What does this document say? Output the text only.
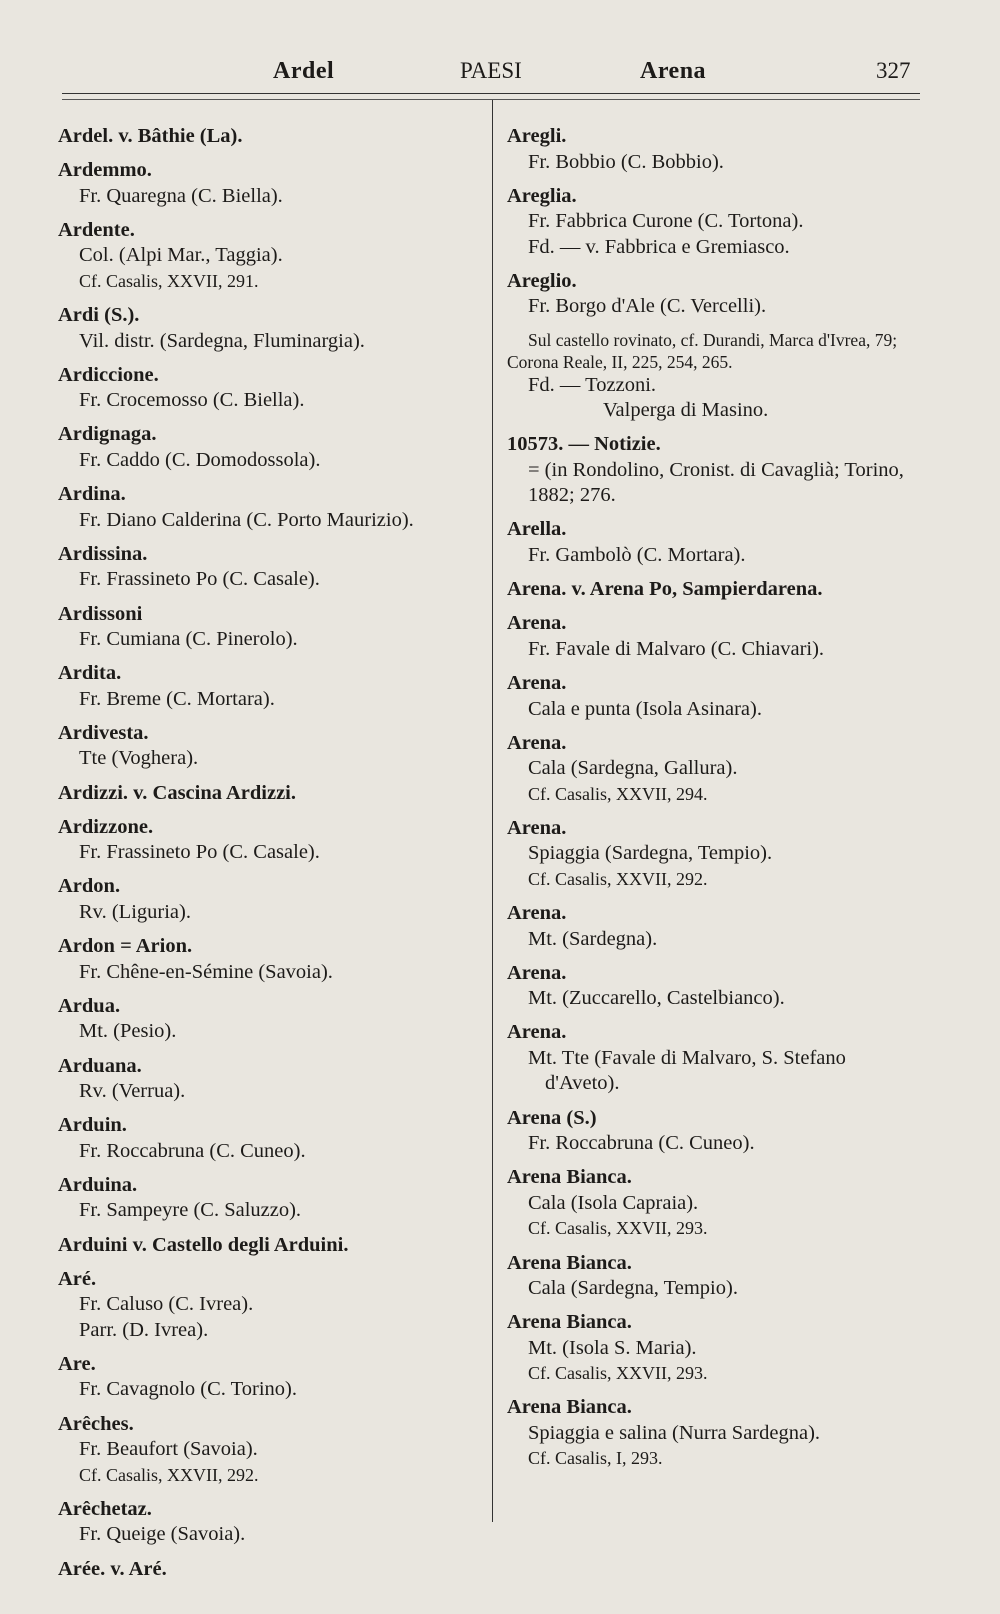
Ardel	PAESI	Arena	327
Ardel. v. Bâthie (La).
Ardemmo.
Fr. Quaregna (C. Biella).
Ardente.
Col. (Alpi Mar., Taggia).
Cf. Casalis, XXVII, 291.
Ardi (S.).
Vil. distr. (Sardegna, Fluminargia).
Ardiccione.
Fr. Crocemosso (C. Biella).
Ardignaga.
Fr. Caddo (C. Domodossola).
Ardina.
Fr. Diano Calderina (C. Porto Maurizio).
Ardissina.
Fr. Frassineto Po (C. Casale).
Ardissoni
Fr. Cumiana (C. Pinerolo).
Ardita.
Fr. Breme (C. Mortara).
Ardivesta.
Tte (Voghera).
Ardizzi. v. Cascina Ardizzi.
Ardizzone.
Fr. Frassineto Po (C. Casale).
Ardon.
Rv. (Liguria).
Ardon = Arion.
Fr. Chêne-en-Sémine (Savoia).
Ardua.
Mt. (Pesio).
Arduana.
Rv. (Verrua).
Arduin.
Fr. Roccabruna (C. Cuneo).
Arduina.
Fr. Sampeyre (C. Saluzzo).
Arduini v. Castello degli Arduini.
Aré.
Fr. Caluso (C. Ivrea).
Parr. (D. Ivrea).
Are.
Fr. Cavagnolo (C. Torino).
Arêches.
Fr. Beaufort (Savoia).
Cf. Casalis, XXVII, 292.
Arêchetaz.
Fr. Queige (Savoia).
Arée. v. Aré.
Aregli.
Fr. Bobbio (C. Bobbio).
Areglia.
Fr. Fabbrica Curone (C. Tortona).
Fd. — v. Fabbrica e Gremiasco.
Areglio.
Fr. Borgo d'Ale (C. Vercelli).
Sul castello rovinato, cf. Durandi, Marca d'Ivrea, 79; Corona Reale, II, 225, 254, 265.
Fd. — Tozzoni.
Valperga di Masino.
10573. — Notizie.
= (in Rondolino, Cronist. di Cavaglià; Torino, 1882; 276.
Arella.
Fr. Gambolò (C. Mortara).
Arena. v. Arena Po, Sampierdarena.
Arena.
Fr. Favale di Malvaro (C. Chiavari).
Arena.
Cala e punta (Isola Asinara).
Arena.
Cala (Sardegna, Gallura).
Cf. Casalis, XXVII, 294.
Arena.
Spiaggia (Sardegna, Tempio).
Cf. Casalis, XXVII, 292.
Arena.
Mt. (Sardegna).
Arena.
Mt. (Zuccarello, Castelbianco).
Arena.
Mt. Tte (Favale di Malvaro, S. Stefano
d'Aveto).
Arena (S.)
Fr. Roccabruna (C. Cuneo).
Arena Bianca.
Cala (Isola Capraia).
Cf. Casalis, XXVII, 293.
Arena Bianca.
Cala (Sardegna, Tempio).
Arena Bianca.
Mt. (Isola S. Maria).
Cf. Casalis, XXVII, 293.
Arena Bianca.
Spiaggia e salina (Nurra Sardegna).
Cf. Casalis, I, 293.
